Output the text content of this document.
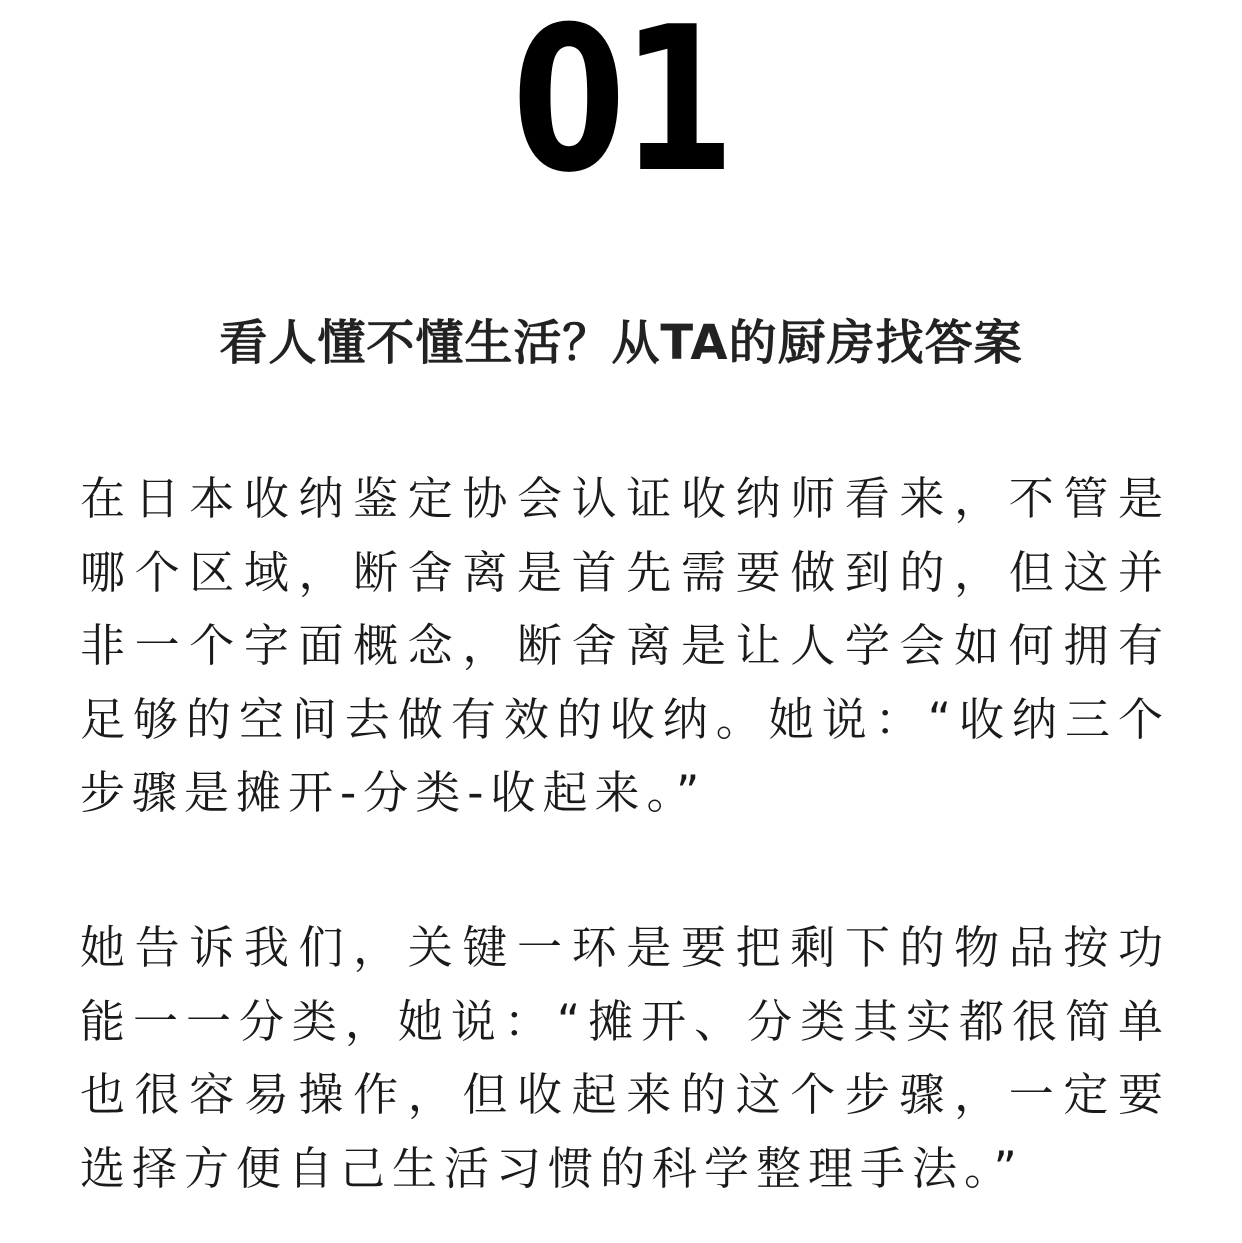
01
看人懂不懂生活？从TA的厨房找答案

在日本收纳鉴定协会认证收纳师看来，不管是哪个区域，断舍离是首先需要做到的，但这并非一个字面概念，断舍离是让人学会如何拥有足够的空间去做有效的收纳。她说：“收纳三个步骤是摊开-分类-收起来。”

她告诉我们，关键一环是要把剩下的物品按功能一一分类，她说：“摊开、分类其实都很简单也很容易操作，但收起来的这个步骤，一定要选择方便自己生活习惯的科学整理手法。”
